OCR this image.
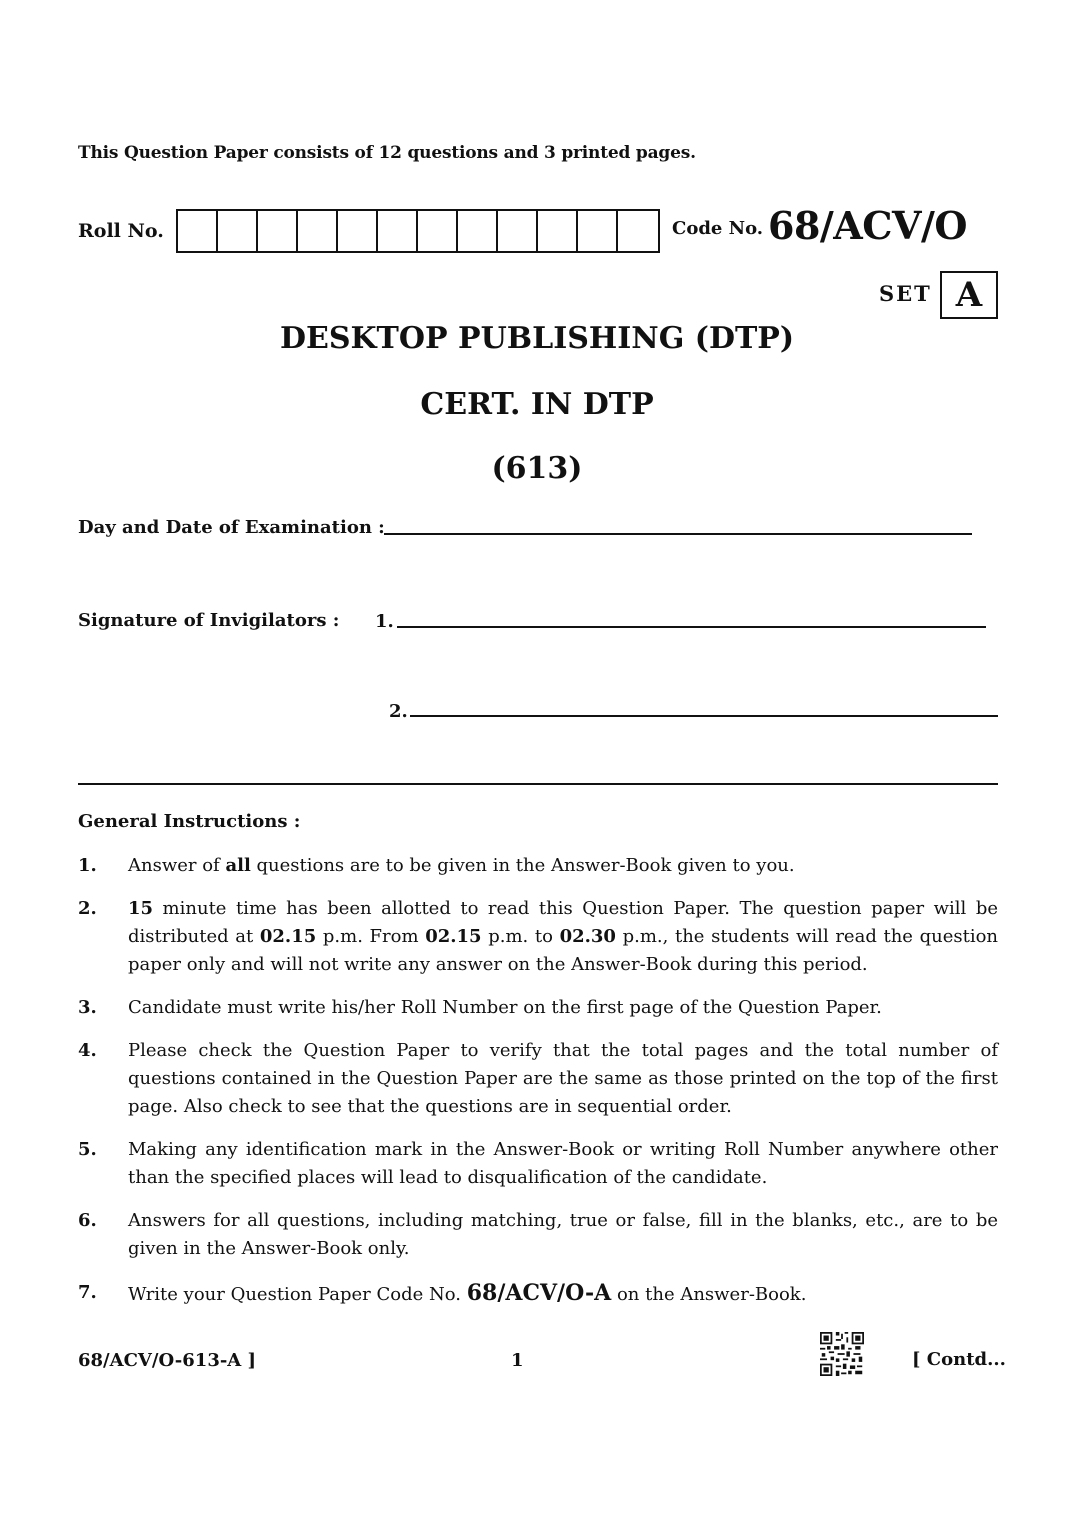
This Question Paper consists of 12 questions and 3 printed pages.
Roll No.	Code No. 68/ACV/O
SET A
DESKTOP PUBLISHING (DTP)
CERT. IN DTP
(613)
Day and Date of Examination :
Signature of Invigilators : 1.
2.
General Instructions :
1.	Answer of all questions are to be given in the Answer-Book given to you.
2.	15 minute time has been allotted to read this Question Paper. The question paper will be distributed at 02.15 p.m. From 02.15 p.m. to 02.30 p.m., the students will read the question paper only and will not write any answer on the Answer-Book during this period.
3.	Candidate must write his/her Roll Number on the first page of the Question Paper.
4.	Please check the Question Paper to verify that the total pages and the total number of questions contained in the Question Paper are the same as those printed on the top of the first page. Also check to see that the questions are in sequential order.
5.	Making any identification mark in the Answer-Book or writing Roll Number anywhere other than the specified places will lead to disqualification of the candidate.
6.	Answers for all questions, including matching, true or false, fill in the blanks, etc., are to be given in the Answer-Book only.
7.	Write your Question Paper Code No. 68/ACV/O-A on the Answer-Book.
68/ACV/O-613-A ]	1	[ Contd...
